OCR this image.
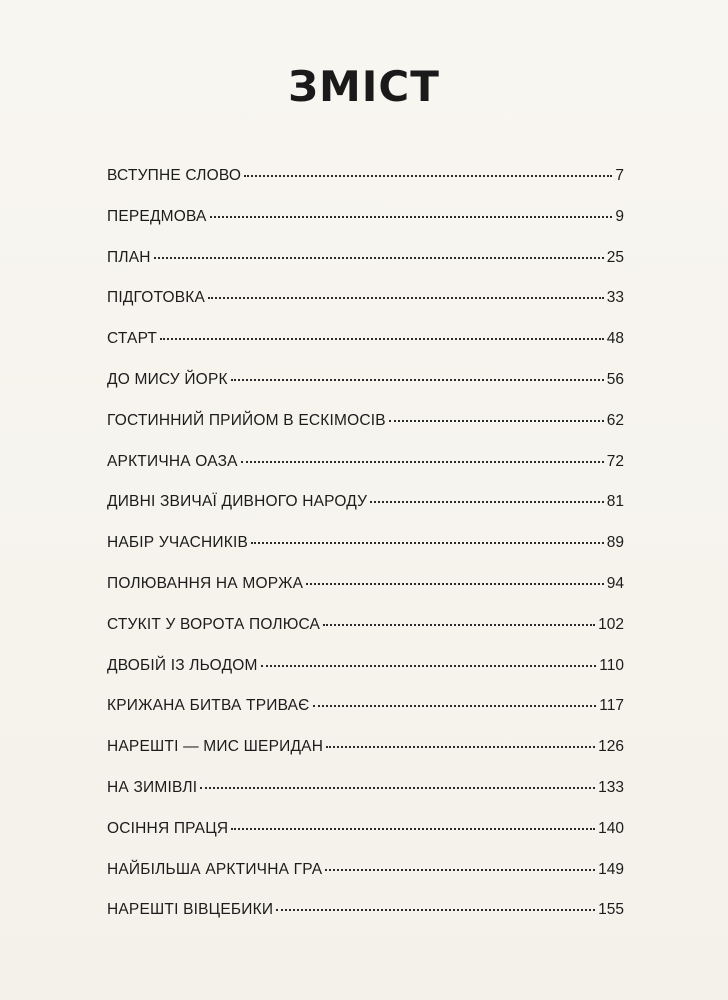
ЗМІСТ
ВСТУПНЕ СЛОВО	7
ПЕРЕДМОВА	9
ПЛАН	25
ПІДГОТОВКА	33
СТАРТ	48
ДО МИСУ ЙОРК	56
ГОСТИННИЙ ПРИЙОМ В ЕСКІМОСІВ	62
АРКТИЧНА ОАЗА	72
ДИВНІ ЗВИЧАЇ ДИВНОГО НАРОДУ	81
НАБІР УЧАСНИКІВ	89
ПОЛЮВАННЯ НА МОРЖА	94
СТУКІТ У ВОРОТА ПОЛЮСА	102
ДВОБІЙ ІЗ ЛЬОДОМ	110
КРИЖАНА БИТВА ТРИВАЄ	117
НАРЕШТІ — МИС ШЕРИДАН	126
НА ЗИМІВЛІ	133
ОСІННЯ ПРАЦЯ	140
НАЙБІЛЬША АРКТИЧНА ГРА	149
НАРЕШТІ ВІВЦЕБИКИ	155
